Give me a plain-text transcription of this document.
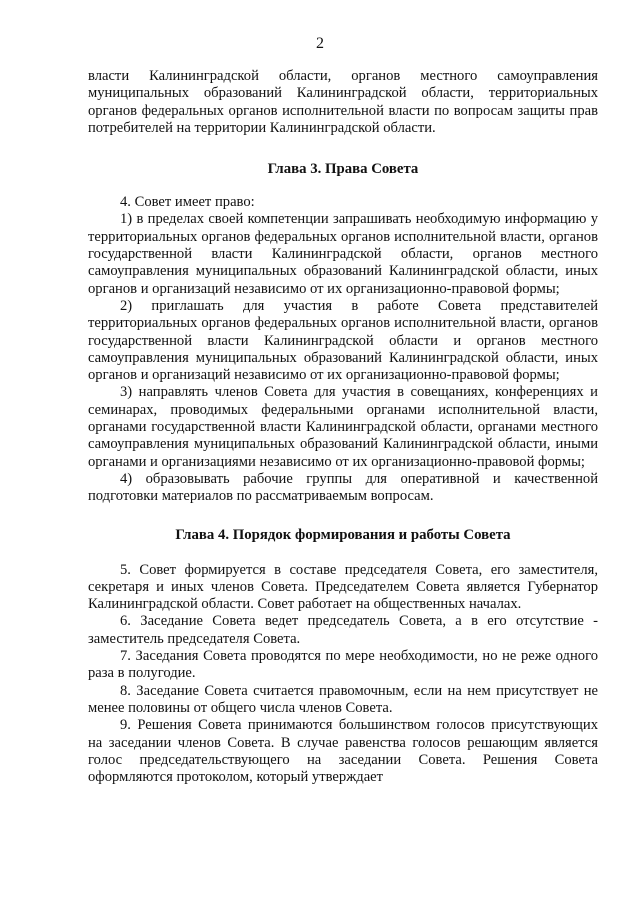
2

власти Калининградской области, органов местного самоуправления муниципальных образований Калининградской области, территориальных органов федеральных органов исполнительной власти по вопросам защиты прав потребителей на территории Калининградской области.

Глава 3. Права Совета

4. Совет имеет право:

1) в пределах своей компетенции запрашивать необходимую информацию у территориальных органов федеральных органов исполнительной власти, органов государственной власти Калининградской области, органов местного самоуправления муниципальных образований Калининградской области, иных органов и организаций независимо от их организационно-правовой формы;

2) приглашать для участия в работе Совета представителей территориальных органов федеральных органов исполнительной власти, органов государственной власти Калининградской области и органов местного самоуправления муниципальных образований Калининградской области, иных органов и организаций независимо от их организационно-правовой формы;

3) направлять членов Совета для участия в совещаниях, конференциях и семинарах, проводимых федеральными органами исполнительной власти, органами государственной власти Калининградской области, органами местного самоуправления муниципальных образований Калининградской области, иными органами и организациями независимо от их организационно-правовой формы;

4) образовывать рабочие группы для оперативной и качественной подготовки материалов по рассматриваемым вопросам.

Глава 4. Порядок формирования и работы Совета

5. Совет формируется в составе председателя Совета, его заместителя, секретаря и иных членов Совета. Председателем Совета является Губернатор Калининградской области. Совет работает на общественных началах.

6. Заседание Совета ведет председатель Совета, а в его отсутствие - заместитель председателя Совета.

7. Заседания Совета проводятся по мере необходимости, но не реже одного раза в полугодие.

8. Заседание Совета считается правомочным, если на нем присутствует не менее половины от общего числа членов Совета.

9. Решения Совета принимаются большинством голосов присутствующих на заседании членов Совета. В случае равенства голосов решающим является голос председательствующего на заседании Совета. Решения Совета оформляются протоколом, который утверждает
